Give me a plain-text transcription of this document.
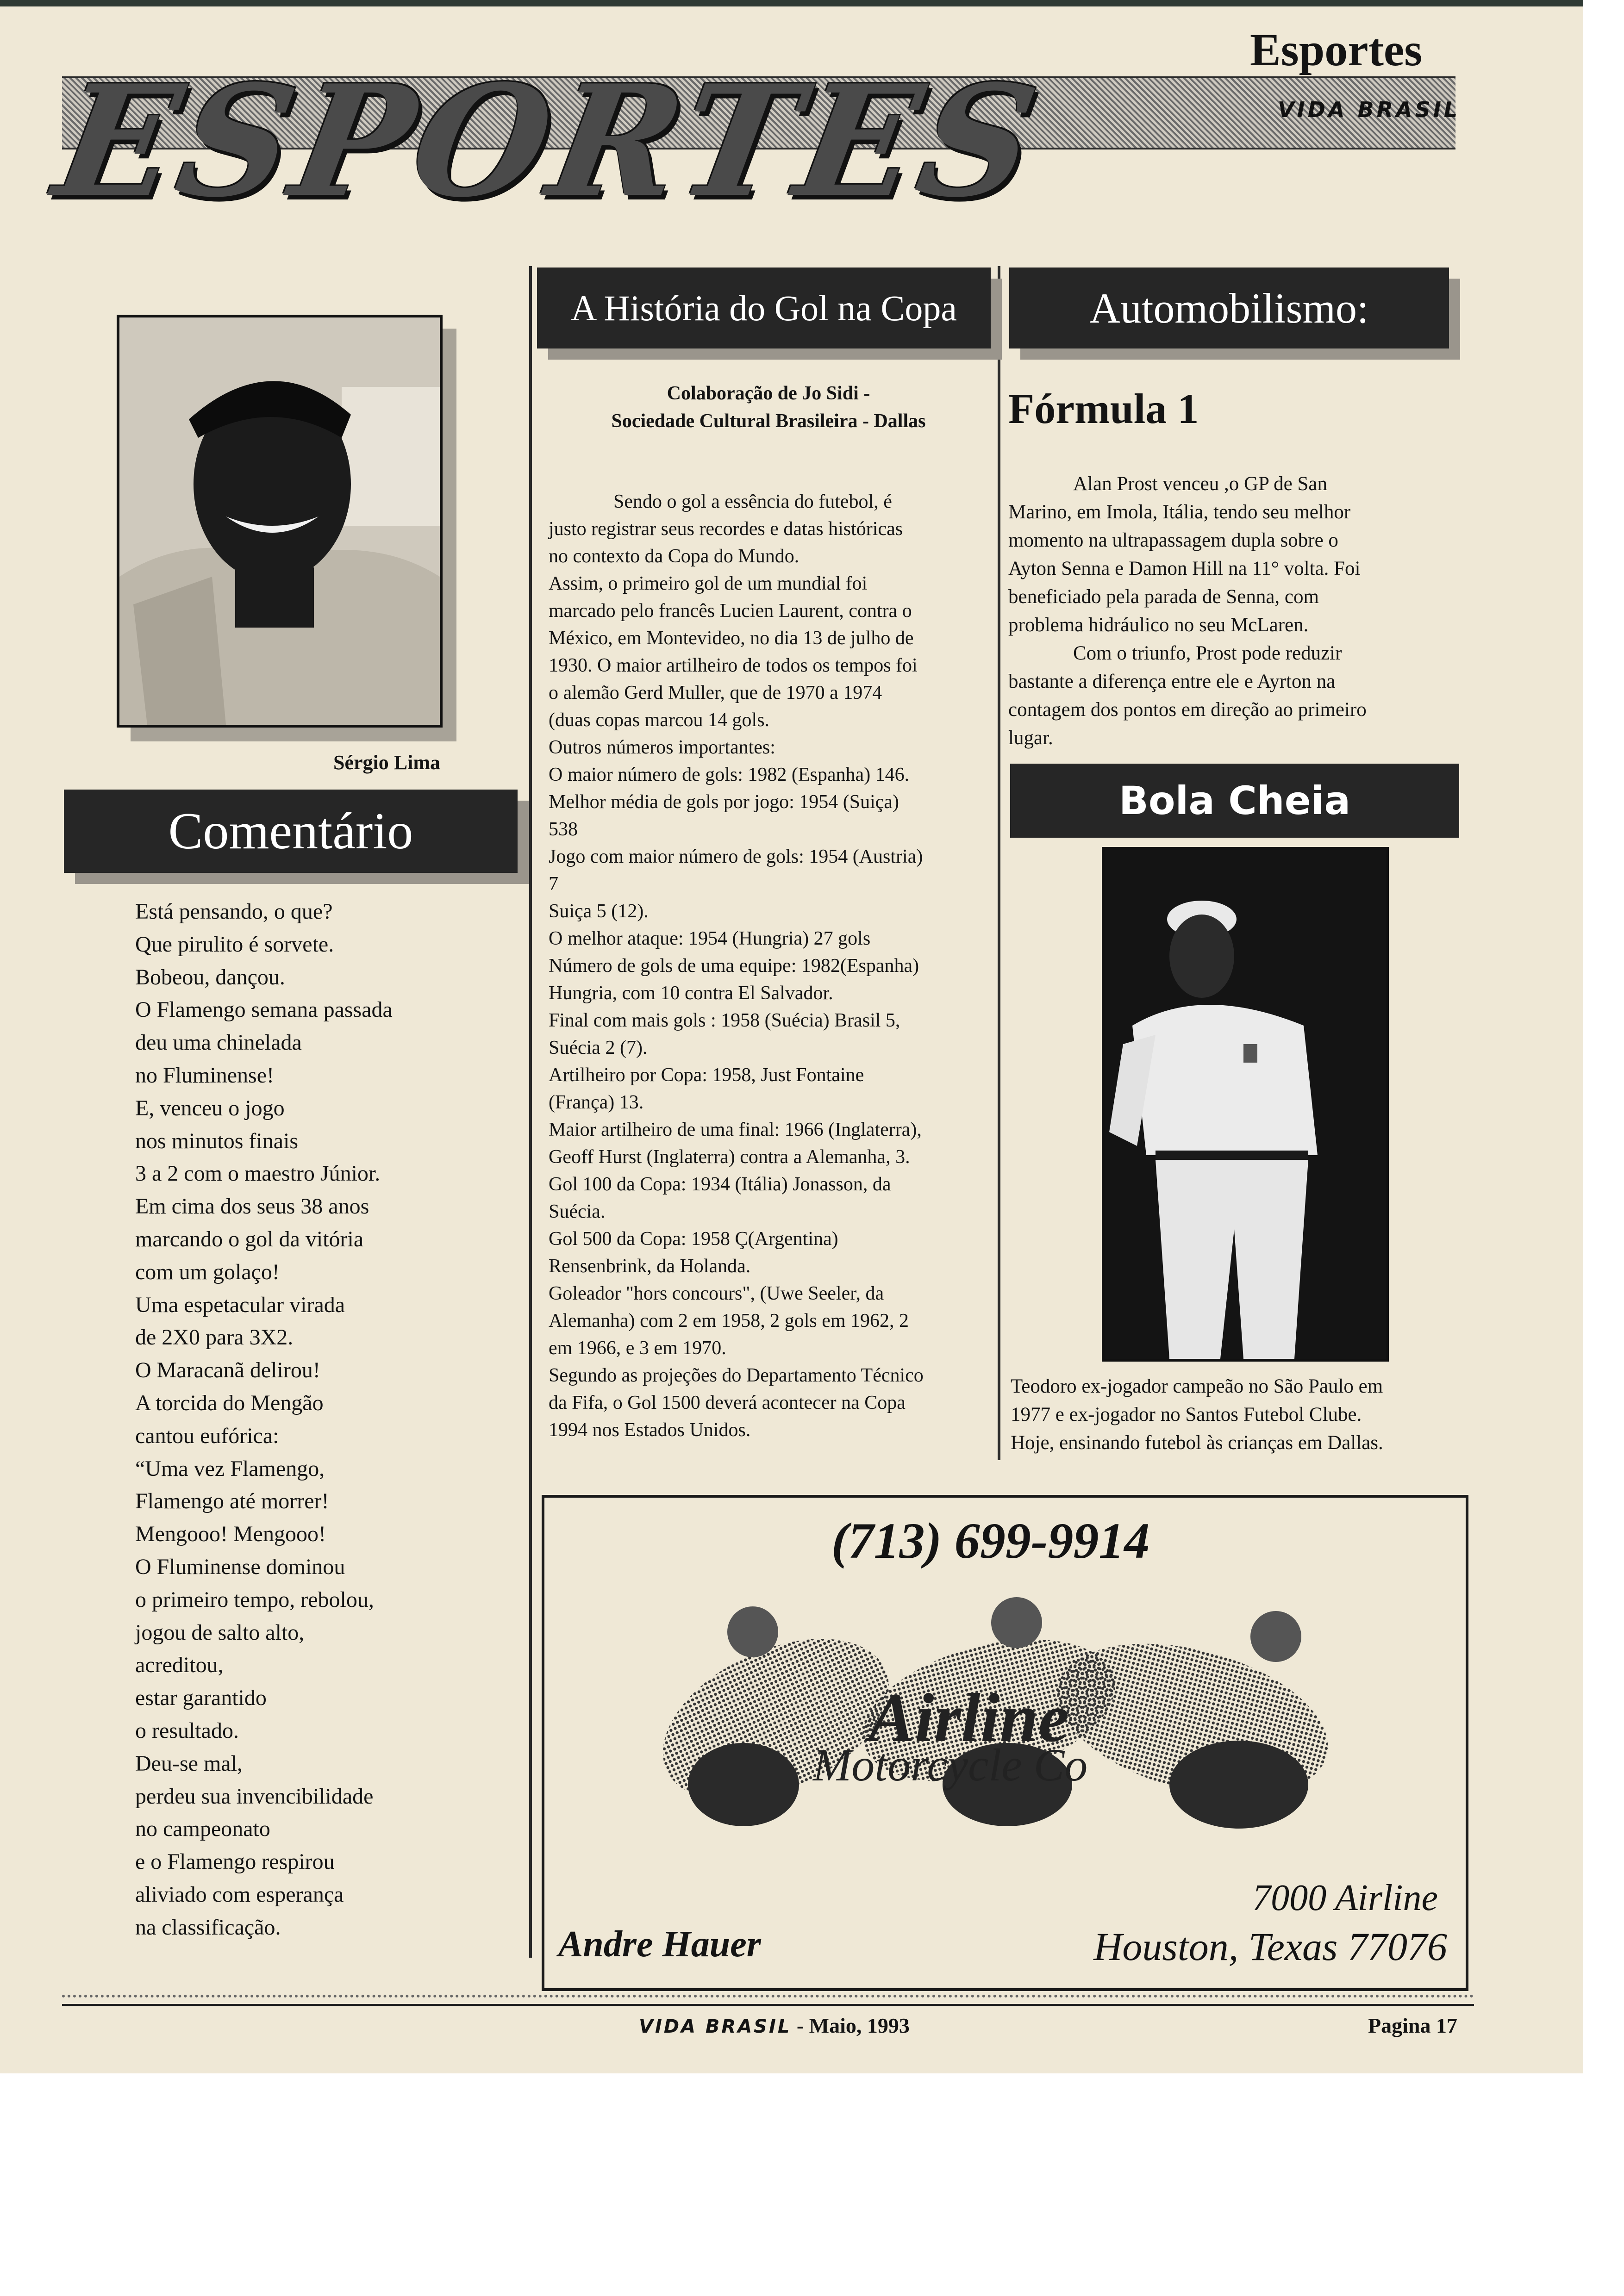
Esportes
ESPORTES	VIDA BRASIL
Sérgio Lima
Comentário

Está pensando, o que?

Que pirulito é sorvete.

Bobeou, dançou.

O Flamengo semana passada

deu uma chinelada

no Fluminense!

E, venceu o jogo

nos minutos finais

3 a 2 com o maestro Júnior.

Em cima dos seus 38 anos

marcando o gol da vitória

com um golaço!

Uma espetacular virada

de 2X0 para 3X2.

O Maracanã delirou!

A torcida do Mengão

cantou eufórica:

“Uma vez Flamengo,

Flamengo até morrer!

Mengooo! Mengooo!

O Fluminense dominou

o primeiro tempo, rebolou,

jogou de salto alto,

acreditou,

estar garantido

o resultado.

Deu-se mal,

perdeu sua invencibilidade

no campeonato

e o Flamengo respirou

aliviado com esperança

na classificação.

A História do Gol na Copa

Colaboração de Jo Sidi -

Sociedade Cultural Brasileira - Dallas

Sendo o gol a essência do futebol, é

justo registrar seus recordes e datas históricas

no contexto da Copa do Mundo.

Assim, o primeiro gol de um mundial foi

marcado pelo francês Lucien Laurent, contra o

México, em Montevideo, no dia 13 de julho de

1930. O maior artilheiro de todos os tempos foi

o alemão Gerd Muller, que de 1970 a 1974

(duas copas marcou 14 gols.

Outros números importantes:

O maior número de gols: 1982 (Espanha) 146.

Melhor média de gols por jogo: 1954 (Suiça)

538

Jogo com maior número de gols: 1954 (Austria)

7

Suiça 5 (12).

O melhor ataque: 1954 (Hungria) 27 gols

Número de gols de uma equipe: 1982(Espanha)

Hungria, com 10 contra El Salvador.

Final com mais gols : 1958 (Suécia) Brasil 5,

Suécia 2 (7).

Artilheiro por Copa: 1958, Just Fontaine

(França) 13.

Maior artilheiro de uma final: 1966 (Inglaterra),

Geoff Hurst (Inglaterra) contra a Alemanha, 3.

Gol 100 da Copa: 1934 (Itália) Jonasson, da

Suécia.

Gol 500 da Copa: 1958 Ç(Argentina)

Rensenbrink, da Holanda.

Goleador "hors concours", (Uwe Seeler, da

Alemanha) com 2 em 1958, 2 gols em 1962, 2

em 1966, e 3 em 1970.

Segundo as projeções do Departamento Técnico

da Fifa, o Gol 1500 deverá acontecer na Copa

1994 nos Estados Unidos.

Automobilismo:
Fórmula 1

Alan Prost venceu ,o GP de San

Marino, em Imola, Itália, tendo seu melhor

momento na ultrapassagem dupla sobre o

Ayton Senna e Damon Hill na 11° volta. Foi

beneficiado pela parada de Senna, com

problema hidráulico no seu McLaren.

Com o triunfo, Prost pode reduzir

bastante a diferença entre ele e Ayrton na

contagem dos pontos em direção ao primeiro

lugar.

Bola Cheia

Teodoro ex-jogador campeão no São Paulo em

1977 e ex-jogador no Santos Futebol Clube.

Hoje, ensinando futebol às crianças em Dallas.

(713) 699-9914
Airline
Motorcycle Co
Andre Hauer
7000 Airline
Houston, Texas 77076
VIDA BRASIL - Maio, 1993	Pagina 17
